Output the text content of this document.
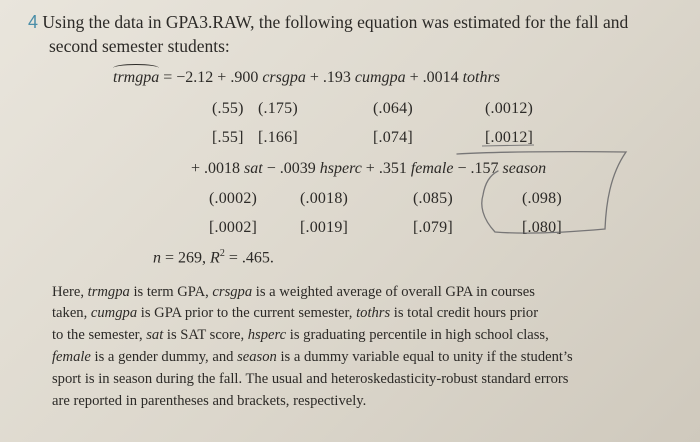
4 Using the data in GPA3.RAW, the following equation was estimated for the fall and
second semester students:
trmgpa = −2.12 + .900 crsgpa + .193 cumgpa + .0014 tothrs
(.55) (.175)	(.064)	(.0012)
[.55] [.166]	[.074]	[.0012]
+ .0018 sat − .0039 hsperc + .351 female − .157 season
(.0002)	(.0018)	(.085)	(.098)
[.0002]	[.0019]	[.079]	[.080]
n = 269, $R^2 = .465$.
Here, trmgpa is term GPA, crsgpa is a weighted average of overall GPA in courses
taken, cumgpa is GPA prior to the current semester, tothrs is total credit hours prior
to the semester, sat is SAT score, hsperc is graduating percentile in high school class,
female is a gender dummy, and season is a dummy variable equal to unity if the student’s
sport is in season during the fall. The usual and heteroskedasticity-robust standard errors
are reported in parentheses and brackets, respectively.
